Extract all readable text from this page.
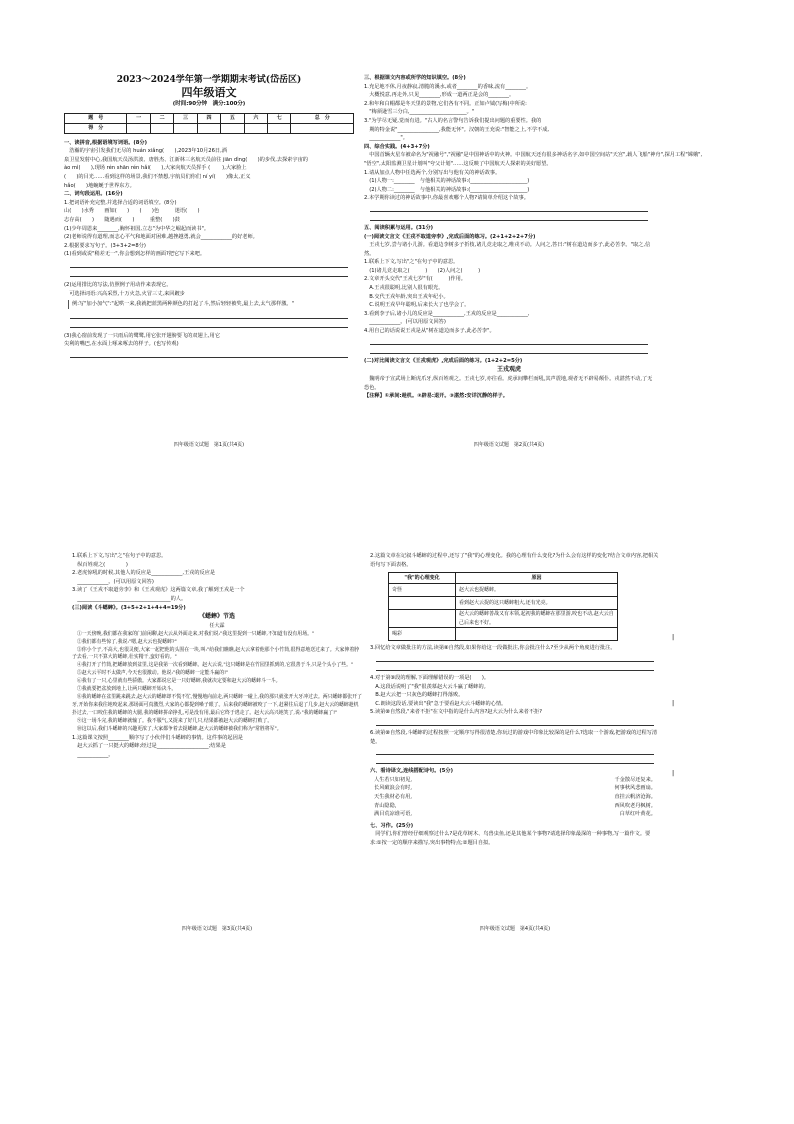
2023～2024学年第一学期期末考试(岱岳区)
四年级语文
(时间:90分钟　满分:100分)
题　号	一	二	三	四	五	六	七	总　分
得　分								
一、读拼音,根据语境写词语。(8分)
　浩瀚的宇宙引发我们无尽的 huán xiǎng(　　),2023年10月26日,酒
泉卫星发射中心,我国航天员汤洪波、唐胜杰、江新林三名航天员前往 jiān dìng(　　)的步伐,去探索宇宙的
ào mì(　　),现场 rén shān rén hǎi(　　),大家向航天员挥手 ( 　　),大家脸上
(　　)的目光……看到这样的场景,我们不禁想,宇航员们你们 ní yí(　　)像太,正义
hǎo(　　)地蜿蜒于世界东方。
二、词句段运用。(16分)
1.把词语补充完整,并选择合适的词语填空。(8分)
山(　　)水秀　　画如(　　)　　(　　)色　　　迷语(　　)　　　
志存高(　　)　　随遇而(　　)　　　重整(　　)鼓
(1)少年周恩来________,胸怀祖国,立志"为中华之崛起而读书"。
(2)老师说得有道理,而志心平气和地面对困难,越挫越勇,就会____________的好老师。
2.根据要求写句子。(3+3+2=8分)
(1)看到或说"稍差无一",你会想到怎样的画面?把它写下来吧。
(2)运用排比的写法,仿照例子用动作来表现它。
　可选择词语:兴高采烈,十万火急,火冒三丈,来回踱步
例:写"加小加气":"起哄一来,我就把蓝黑两种颜色的打起了斗,然后轻轻被奖,最上去,太气那样激。"
(3)我心窗前发现了一只雨后的鹭鹭,用它张开翅膀要飞的双翅上,用它
尖利的嘴巴,在水面上啄来啄去的样子。(也写传观)
四年级语文试题　第1页(共4页)
三、根据课文内容或所学的知识填空。(8分)
1.充足地不休,月夜静寂,清脆的溪水,或者________的香味,流有________。
　大概悦意,再走外,只见________,形成一道两正是会的________。
2.和年和白帽都是冬天里的景物,它们各有不同。正如卢钺(写梅)中所说:
　"梅须逊雪三分白,______________________。"
3."为学尽无疑,觉而有进。"古人的名言警句告诉我们提出问题的重要性。我的
　期的特金说"________________,我能无怀"。汉朝的王充说:"智能之上,不学不成,
　____________"。
四、综合实践。(4+3+7分)
　中国首辆火星车被命名为"祝融号","祝融"是中国神话中的火神。中国航天还有很多神话名字,如中国空间站"天宫",载人飞船"神舟",探月工程"嫦娥",
"悟空",太阳监测卫星计划叫"夸父计划"……这反映了中国航天人探索的美好愿望。
1.请从加点人物中任选两个,分别写出与他有关的神话故事。
　(1)人物一:________　与他相关的神话故事:(______________________)
　(2)人物二:________　与他相关的神话故事:(______________________)
2.本学期你读过的神话故事中,你最喜欢哪个人物?请简单介绍这个故事。
五、阅读积累与运用。(31分)
(一)阅读文言文《王戎不取道旁李》,完成后面的练习。(2+1+2+2+7分)
　王戎七岁,尝与诸小儿游。看道边李树多子折枝,诸儿竞走取之,唯戎不动。人问之,答曰:"树在道边而多子,此必苦李。"取之,信然。
1.联系上下文,写出"之"在句子中的意思。
　(1)诸儿竞走取之(　　　)　　(2)人问之(　　　)
2.文章开头交代"王戎七岁"有(　　　)作用。
　A.王戎很聪明,比别人很有眼光。
　B.交代王戎年龄,突出王戎年纪小。
　C.说明王戎早年聪明,后来长大了也学会了。
3.看到李子后,诸小儿的反应是____________,王戎的反应是____________,
　____________。(可以用原文回答)
4.用自己的话说说王戎是从"树在道边而多子,此必苦李"。
(二)对比阅读文言文《王戎观虎》,完成后面的练习。(1+2+2=5分)
王戎观虎
　魏明帝于宣武场上断虎爪牙,纵百姓观之。王戎七岁,亦往看。虎承间攀栏而吼,其声震地,观者无不辟易颠仆。戎湛然不动,了无恐色。
【注释】①承间:趁机。②辟易:退开。③湛然:安详沉静的样子。
四年级语文试题　第2页(共4页)
1.联系上下文,写出"之"在句子中的意思。
　纵百姓观之(　　　　)
2.老虎惊吼的时候,其他人的反应是____________,王戎的反应是
　____________。(可以用原文回答)
3.读了《王戎不取道旁李》和《王戎观虎》这两篇文章,我了解到王戎是一个
　____________________________________的人。
(三)阅读《斗蟋蟀》。(3+5+2+1+4+4=19分)
《蟋蟀》节选
任大霖
　①一天傍晚,我们都在我家的门前闲聊,赵大云从外面走来,对我们说:"我这里捉到一只蟋蟀,不知道有没有用场。"
　②我们都有些惊了,我说:"嗯,赵大云也捉蟋蟀?"
　③你小个子,不高大,也很灵便,大家一起把他的头围在一块,叫:"给我们瞧瞧,赵大云拿着他那个小竹筒,很得意地送过来了。大家伸着脖子去看,一只不算大的蟋蟀,壮实精干,蛮好看的。"
　④我打开了竹筒,把蟋蟀放到盆里,这是我第一次看到蟋蟀。赵大云说,"这只蟋蟀是在竹园里抓到的,它很善于斗,只是个头小了些。"
　⑤赵大云平时不太做声,今天也很激动。他说:"我的蟋蟀一定能斗赢的!"
　⑥我有了一只,心里就有些骄傲。大家都说它是一只好蟋蟀,我就决定要和赵大云的蟋蟀斗一斗。
　⑦我就要把盆放到地上,让两只蟋蟀开始决斗。
　⑧我的蟋蟀在盆里跳来跳去,赵大云的蟋蟀却不慌不忙,慢慢地向前走,两只蟋蟀一碰上,我的那只就张开大牙冲过去。两只蟋蟀都张开了牙,开始你来我往地咬起来,那场面可真激烈,大家的心都提到嗓子眼了。后来我的蟋蟀被咬了一下,赶紧往后退了几步,赵大云的蟋蟀趁机扑过去,一口咬住我的蟋蟀的大腿,我的蟋蟀拼命挣扎,可是没有用,最后它终于逃走了。赵大云高兴地笑了,说:"我的蟋蟀赢了!"
　⑨这一场斗完,我的蟋蟀就输了。我不服气,又捉来了好几只,结果都被赵大云的蟋蟀打败了。
　⑩这以后,我们斗蟋蟀的兴趣更浓了,大家都争着去捉蟋蟀,赵大云的蟋蟀被我们称为"常胜将军"。
1.这篇课文按照________顺序写了小伙伴们斗蟋蟀的事情。这件事的起因是
　赵大云抓了一只挺大的蟋蟀;经过是____________________;结果是
　____________。
四年级语文试题　第3页(共4页)
2.这篇文章在记叙斗蟋蟀的过程中,还写了"我"的心理变化。我的心理有什么变化?为什么会有这样的变化?结合文章内容,把相关语句写下面表格。
"我"的心理变化	原因
奇怪	赵大云也捉蟋蟀。
	看到赵大云捉的这只蟋蟀粗大,还有光亮。
	赵大云的蟋蟀善战又有本领,起初我的蟋蟀在那里游,咬也不动,赵大云自己后来也不好。
喝彩	
3.回忆给文章做批注的方法,读第⑧自然段,如果你给这一段做批注,你会批注什么?至少从两个角度进行批注。
4.对于第⑨段的理解,下面理解错误的一项是(　　)。
　A.这段话说明了"我"很羡慕赵大云斗赢了蟋蟀的。
　B.赵大云把一只灰色的蟋蟀打得落败。
　C.朗读这段话,要读出"我"急于要看赵大云斗蟋蟀的心情。
5.读第⑩自然段,"来者不拒"在文中指的是什么内容?赵大云为什么来者不拒?
6.读第⑩自然段,斗蟋蟀的过程按照一定顺序写得很清楚,你玩过的游戏中印象比较深的是什么?选取一个游戏,把游戏的过程写清楚。
六、看诗译文,连线搭配诗句。(5分)
人生若只如初见,	千金散尽还复来。
长风破浪会有时,	何事秋风悲画扇。
天生我材必有用,	直挂云帆济沧海。
青山隐隐,	西风吹老丹枫树。
满目荒凉谁可语,	白草红叶黄花。
七、习作。(25分)
　同学们,你们曾经仔细观察过什么?是花草树木、鸟兽虫鱼,还是其他某个事物?请选择印象最深的一种事物,写一篇作文。要求:①按一定的顺序来描写,突出事物特点;②题目自拟。
四年级语文试题　第4页(共4页)
|
|
|
